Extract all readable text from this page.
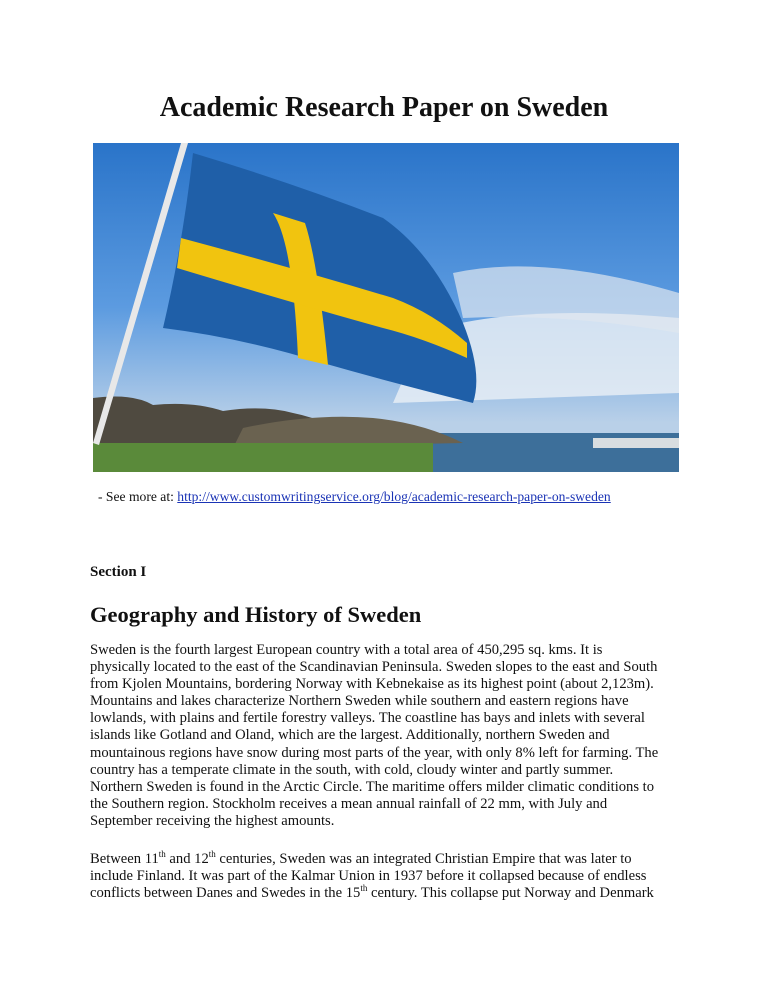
Academic Research Paper on Sweden
- See more at: http://www.customwritingservice.org/blog/academic-research-paper-on-sweden
Section I
Geography and History of Sweden
Sweden is the fourth largest European country with a total area of 450,295 sq. kms. It is
physically located to the east of the Scandinavian Peninsula. Sweden slopes to the east and South
from Kjolen Mountains, bordering Norway with Kebnekaise as its highest point (about 2,123m).
Mountains and lakes characterize Northern Sweden while southern and eastern regions have
lowlands, with plains and fertile forestry valleys. The coastline has bays and inlets with several
islands like Gotland and Oland, which are the largest. Additionally, northern Sweden and
mountainous regions have snow during most parts of the year, with only 8% left for farming. The
country has a temperate climate in the south, with cold, cloudy winter and partly summer.
Northern Sweden is found in the Arctic Circle. The maritime offers milder climatic conditions to
the Southern region. Stockholm receives a mean annual rainfall of 22 mm, with July and
September receiving the highest amounts.
Between 11th and 12th centuries, Sweden was an integrated Christian Empire that was later to
include Finland. It was part of the Kalmar Union in 1937 before it collapsed because of endless
conflicts between Danes and Swedes in the 15th century. This collapse put Norway and Denmark
